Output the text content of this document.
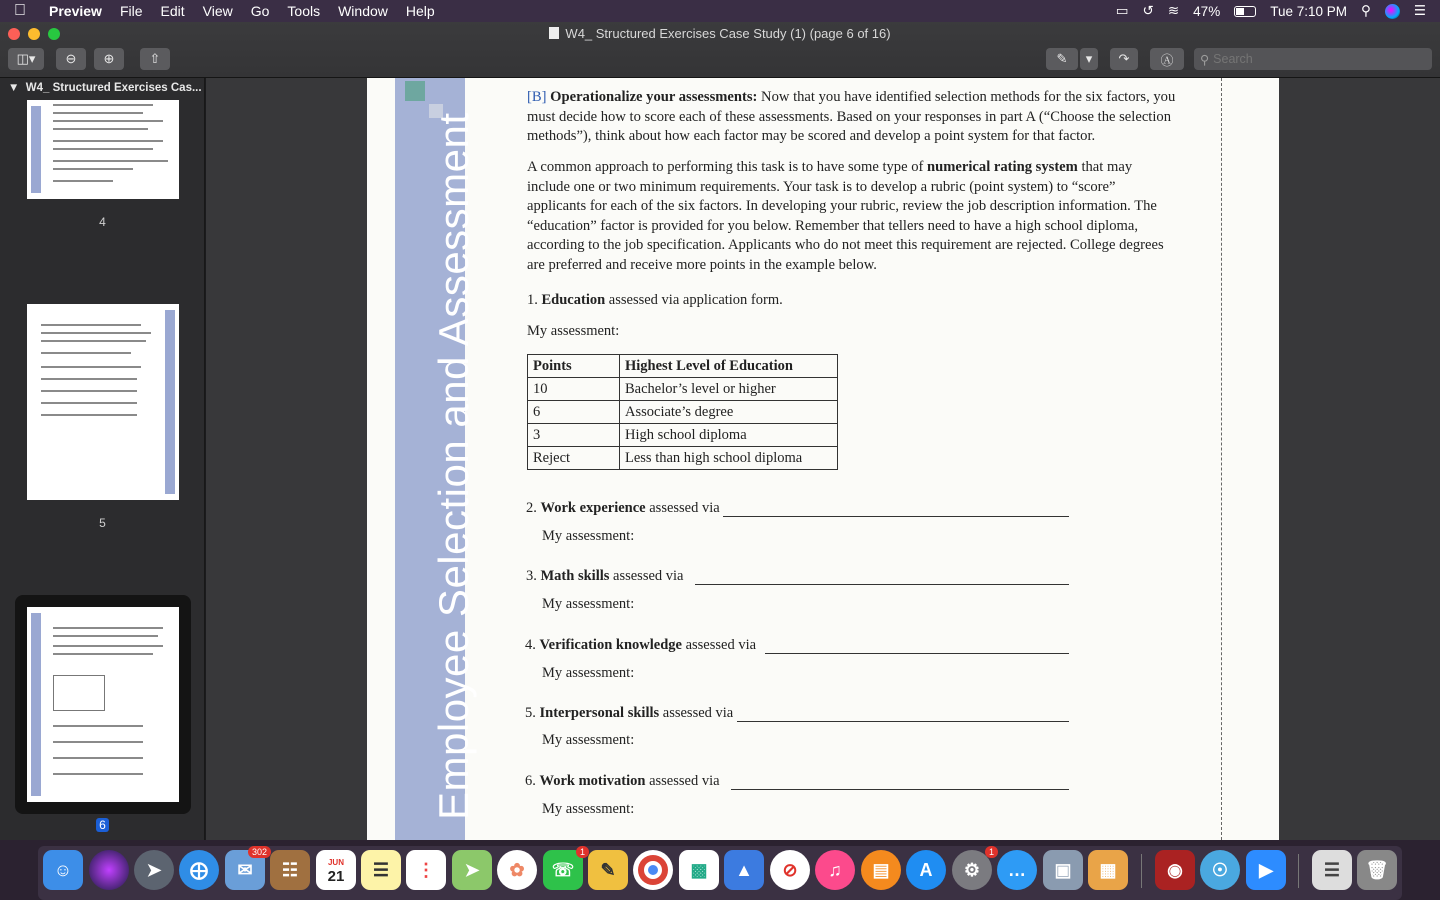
Preview	File	Edit	View	Go	Tools	Window	Help	▭ ↺ ≋ 47%	Tue 7:10 PM ⚲	☰
W4_ Structured Exercises Case Study (1) (page 6 of 16)
◫▾	⊖	⊕	⇧	✎	▾	↷	Ⓐ	⚲
Search
▼  W4_ Structured Exercises Cas...
4
5
6
Employee Selection and Assessment
[B] Operationalize your assessments: Now that you have identified selection methods for the six factors, you must decide how to score each of these assessments. Based on your responses in part A (“Choose the selection methods”), think about how each factor may be scored and develop a point system for that factor.
A common approach to performing this task is to have some type of numerical rating system that may include one or two minimum requirements. Your task is to develop a rubric (point system) to “score” applicants for each of the six factors. In developing your rubric, review the job description information. The “education” factor is provided for you below. Remember that tellers need to have a high school diploma, according to the job specification. Applicants who do not meet this requirement are rejected. College degrees are preferred and receive more points in the example below.
1. Education assessed via application form.
My assessment:
Points	Highest Level of Education
10	Bachelor’s level or higher
6	Associate’s degree
3	High school diploma
Reject	Less than high school diploma
2. Work experience assessed via
My assessment:
3. Math skills assessed via
My assessment:
4. Verification knowledge assessed via
My assessment:
5. Interpersonal skills assessed via
My assessment:
6. Work motivation assessed via
My assessment:
☺	➤	⨁	✉
302
☷	JUN
21	☰	⋮	➤	✿	☏
1
✎	▩	▲	⊘	♫	▤	A	⚙
1
…	▣	▦	◉	☉	▶	☰	🗑
